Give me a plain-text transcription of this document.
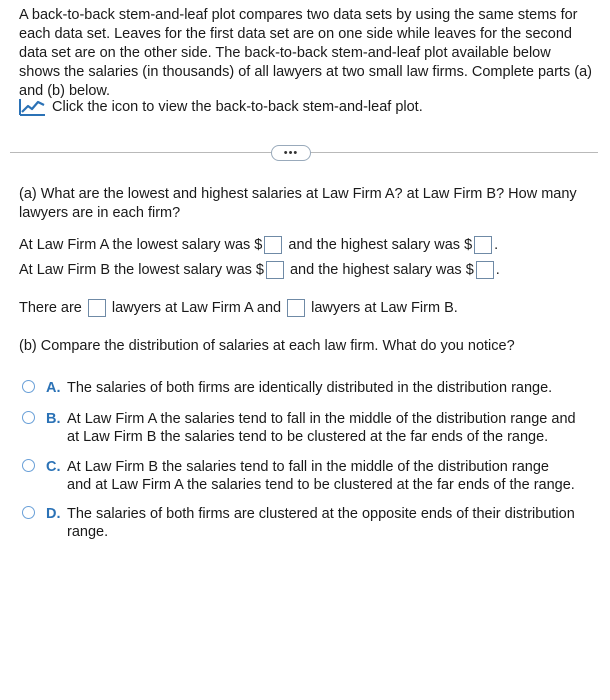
A back-to-back stem-and-leaf plot compares two data sets by using the same stems for each data set. Leaves for the first data set are on one side while leaves for the second data set are on the other side. The back-to-back stem-and-leaf plot available below shows the salaries (in thousands) of all lawyers at two small law firms. Complete parts (a) and (b) below.
Click the icon to view the back-to-back stem-and-leaf plot.
•••
(a) What are the lowest and highest salaries at Law Firm A? at Law Firm B? How many lawyers are in each firm?
At Law Firm A the lowest salary was $ and the highest salary was $ .
At Law Firm B the lowest salary was $ and the highest salary was $ .
There are lawyers at Law Firm A and lawyers at Law Firm B.
(b) Compare the distribution of salaries at each law firm. What do you notice?
A. The salaries of both firms are identically distributed in the distribution range.
B. At Law Firm A the salaries tend to fall in the middle of the distribution range and at Law Firm B the salaries tend to be clustered at the far ends of the range.
C. At Law Firm B the salaries tend to fall in the middle of the distribution range and at Law Firm A the salaries tend to be clustered at the far ends of the range.
D. The salaries of both firms are clustered at the opposite ends of their distribution range.
